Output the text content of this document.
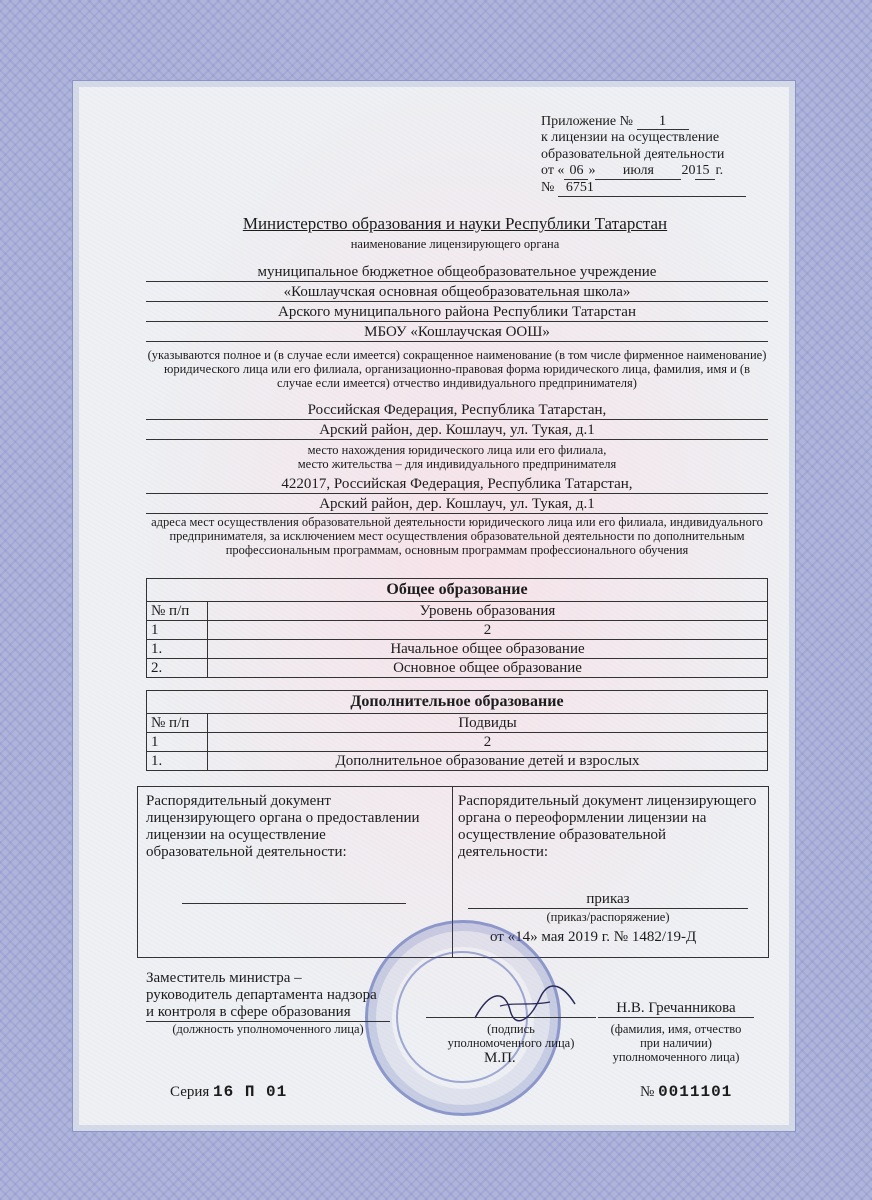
Приложение № 1
к лицензии на осуществление
образовательной деятельности
от « 06 » июля 2015 г.
№ 6751
Министерство образования и науки Республики Татарстан
наименование лицензирующего органа
муниципальное бюджетное общеобразовательное учреждение
«Кошлаучская основная общеобразовательная школа»
Арского муниципального района Республики Татарстан
МБОУ «Кошлаучская ООШ»
(указываются полное и (в случае если имеется) сокращенное наименование (в том числе фирменное наименование) юридического лица или его филиала, организационно-правовая форма юридического лица, фамилия, имя и (в случае если имеется) отчество индивидуального предпринимателя)
Российская Федерация, Республика Татарстан,
Арский район, дер. Кошлауч, ул. Тукая, д.1
место нахождения юридического лица или его филиала,
место жительства – для индивидуального предпринимателя
422017, Российская Федерация, Республика Татарстан,
Арский район, дер. Кошлауч, ул. Тукая, д.1
адреса мест осуществления образовательной деятельности юридического лица или его филиала, индивидуального предпринимателя, за исключением мест осуществления образовательной деятельности по дополнительным профессиональным программам, основным программам профессионального обучения
Общее образование	
№ п/п	Уровень образования
1	2
1.	Начальное общее образование
2.	Основное общее образование
Дополнительное образование	
№ п/п	Подвиды
1	2
1.	Дополнительное образование детей и взрослых
Распорядительный документ лицензирующего органа о предоставлении лицензии на осуществление образовательной деятельности:
Распорядительный документ лицензирующего органа о переоформлении лицензии на осуществление образовательной деятельности:
приказ
(приказ/распоряжение)
от «14» мая 2019 г. № 1482/19-Д
Заместитель министра –
руководитель департамента надзора
и контроля в сфере образования
(должность уполномоченного лица)	(подпись
уполномоченного лица)
М.П.
Н.В. Гречанникова
(фамилия, имя, отчество
при наличии)
уполномоченного лица)
Серия 16 П 01	№ 0011101
